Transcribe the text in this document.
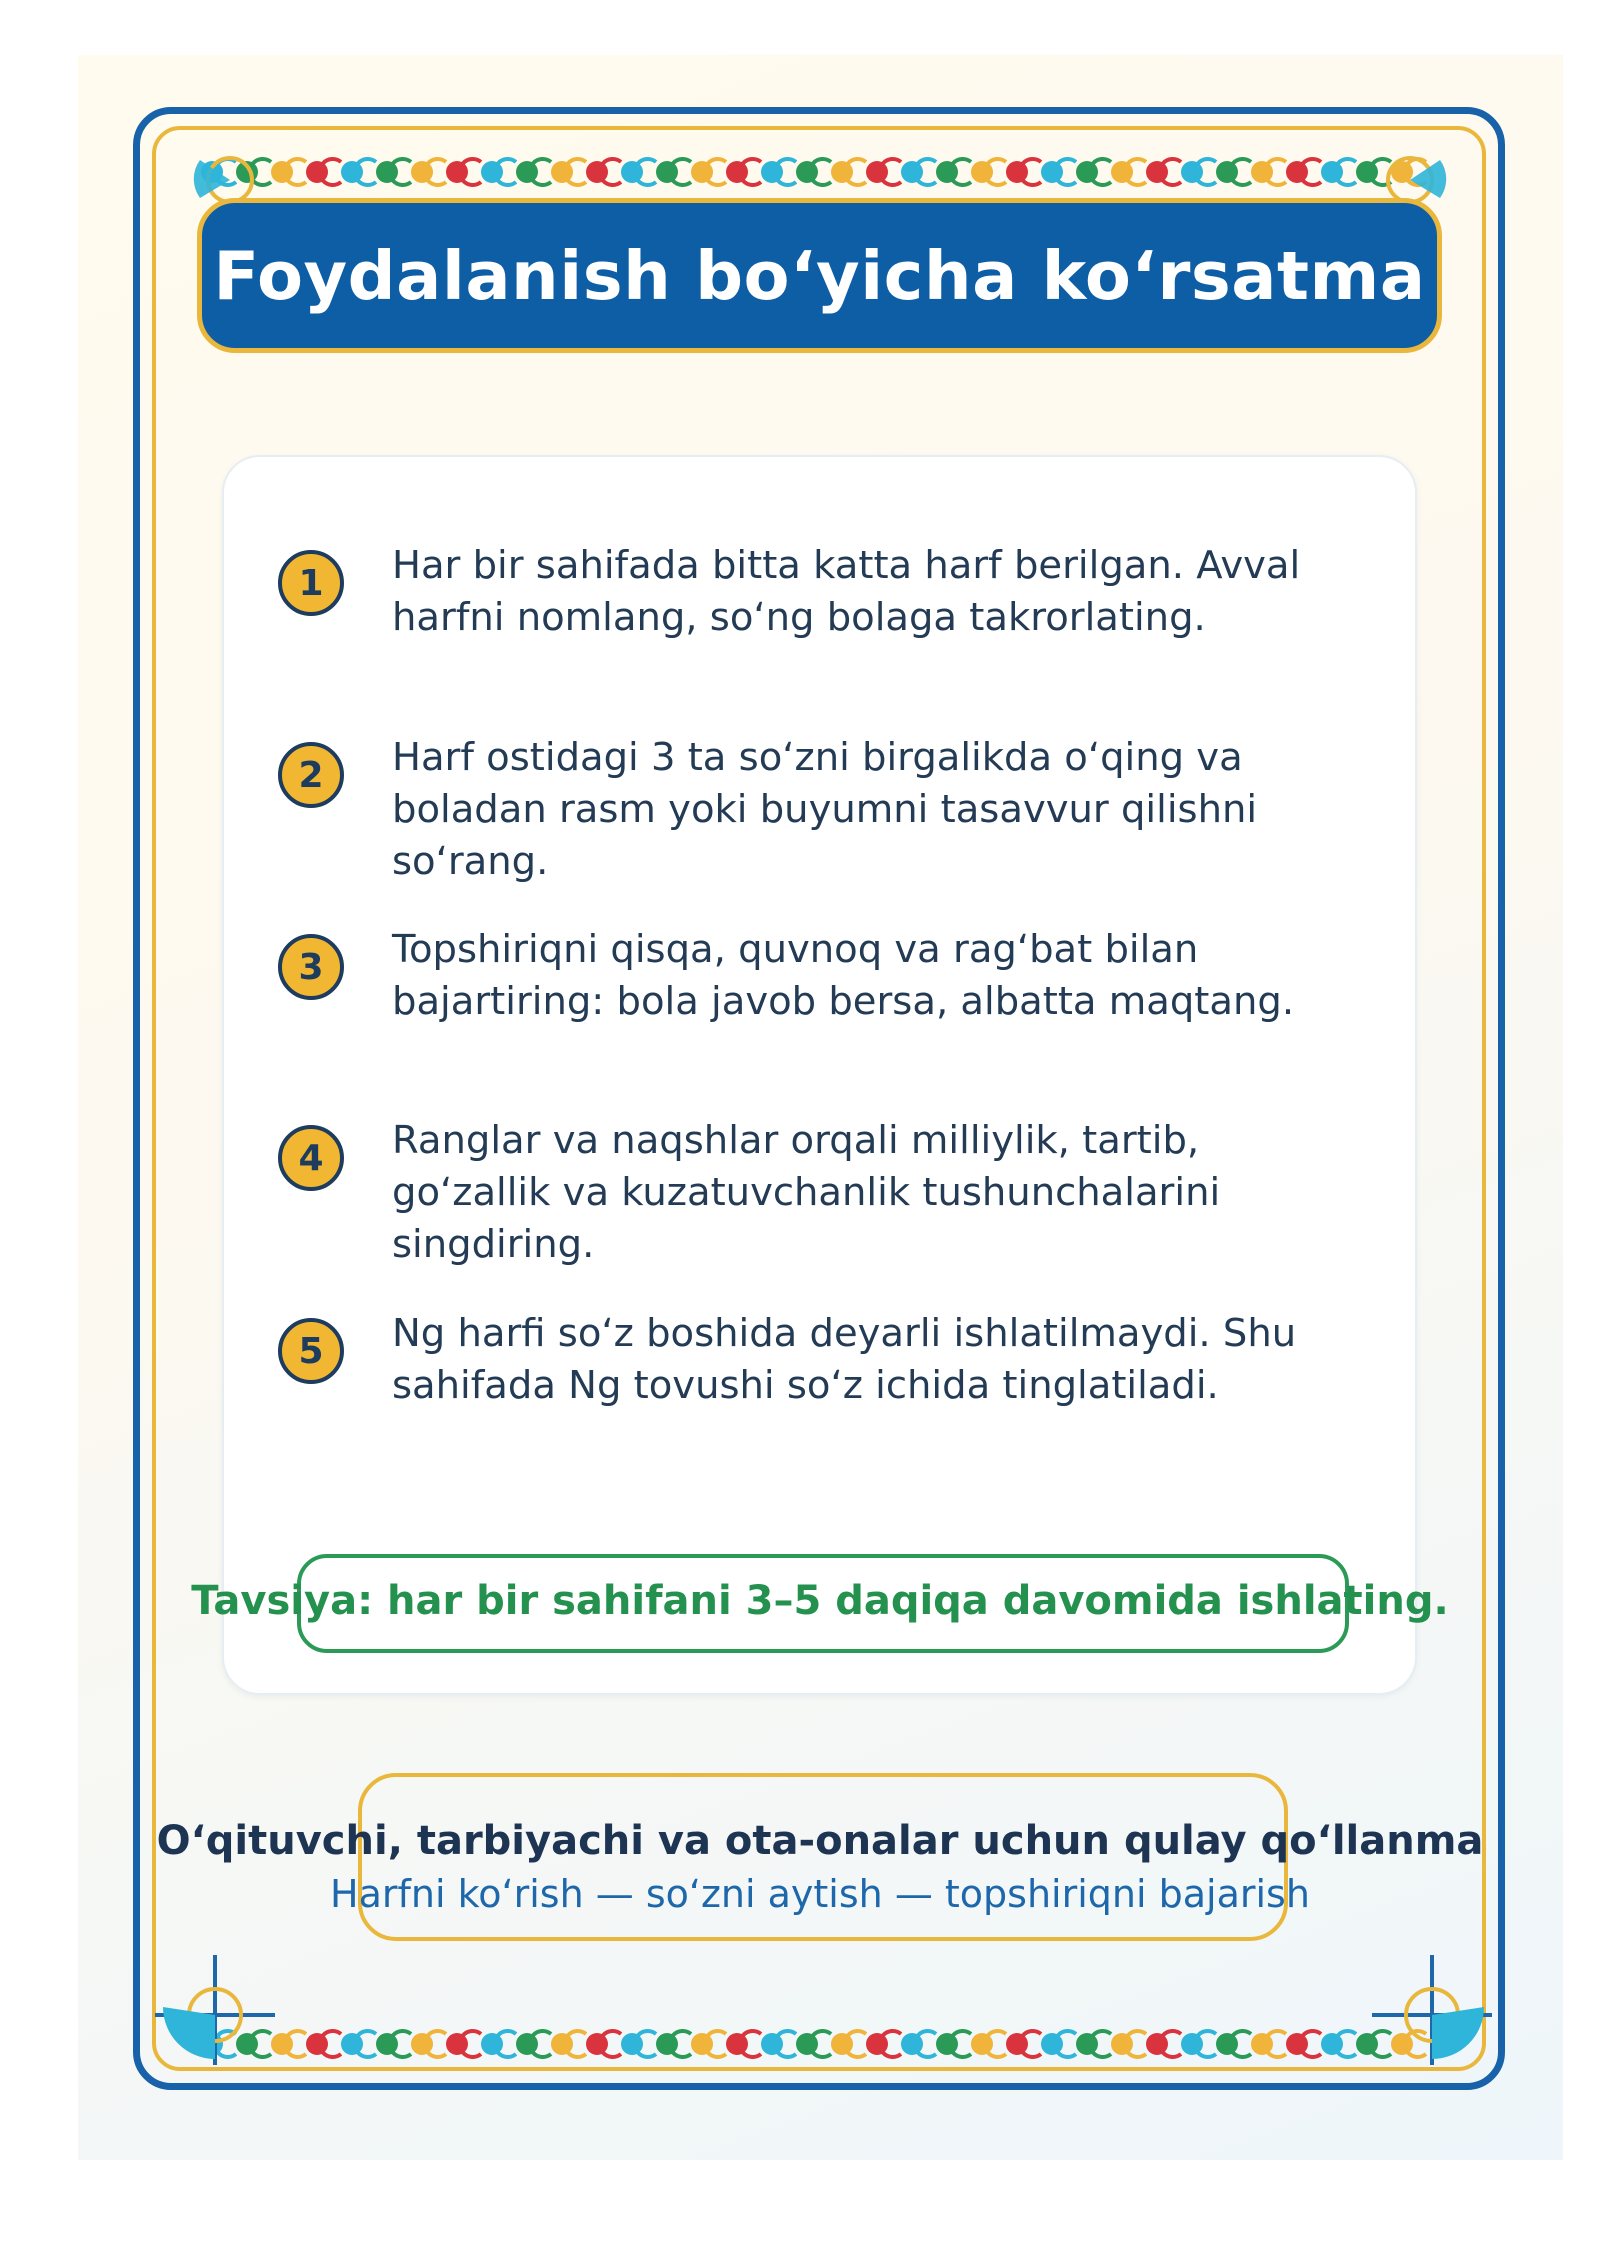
Foydalanish bo‘yicha ko‘rsatma
1	Har bir sahifada bitta katta harf berilgan. Avval harfni nomlang, so‘ng bolaga takrorlating.
2	Harf ostidagi 3 ta so‘zni birgalikda o‘qing va boladan rasm yoki buyumni tasavvur qilishni so‘rang.
3	Topshiriqni qisqa, quvnoq va rag‘bat bilan bajartiring: bola javob bersa, albatta maqtang.
4	Ranglar va naqshlar orqali milliylik, tartib, go‘zallik va kuzatuvchanlik tushunchalarini singdiring.
5	Ng harfi so‘z boshida deyarli ishlatilmaydi. Shu sahifada Ng tovushi so‘z ichida tinglatiladi.
Tavsiya: har bir sahifani 3–5 daqiqa davomida ishlating.
O‘qituvchi, tarbiyachi va ota-onalar uchun qulay qo‘llanma
Harfni ko‘rish — so‘zni aytish — topshiriqni bajarish
